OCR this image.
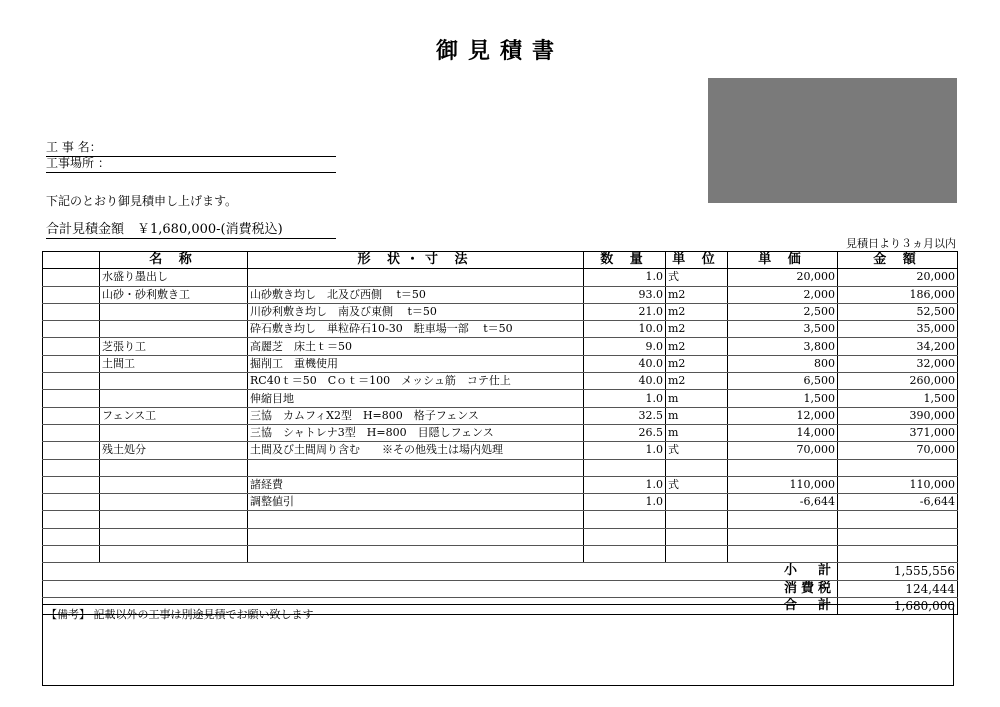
御見積書
工 事 名：
工事場所 ：
下記のとおり御見積申し上げます。
合計見積金額　￥1,680,000-(消費税込)
見積日より３ヵ月以内
	名 称	形 状・寸 法	数 量	単 位	単 価	金 額
	水盛り墨出し		1.0	式	20,000	20,000
	山砂・砂利敷き工	山砂敷き均し　北及び西側　 t＝50	93.0	m2	2,000	186,000
		川砂利敷き均し　南及び東側　 t＝50	21.0	m2	2,500	52,500
		砕石敷き均し　単粒砕石10-30　駐車場一部　 t＝50	10.0	m2	3,500	35,000
	芝張り工	高麗芝　床土ｔ＝50	9.0	m2	3,800	34,200
	土間工	掘削工　重機使用	40.0	m2	800	32,000
		RC40ｔ＝50　Cｏｔ＝100　メッシュ筋　コテ仕上	40.0	m2	6,500	260,000
		伸縮目地	1.0	m	1,500	1,500
	フェンス工	三協　カムフィX2型　H=800　格子フェンス	32.5	m	12,000	390,000
		三協　シャトレナ3型　H=800　目隠しフェンス	26.5	m	14,000	371,000
	残土処分	土間及び土間周り含む　　※その他残土は場内処理	1.0	式	70,000	70,000

		諸経費	1.0	式	110,000	110,000
		調整値引	1.0		-6,644	-6,644

小　計						1,555,556
消費税						124,444
合　計						1,680,000
【備考】 記載以外の工事は別途見積でお願い致します
